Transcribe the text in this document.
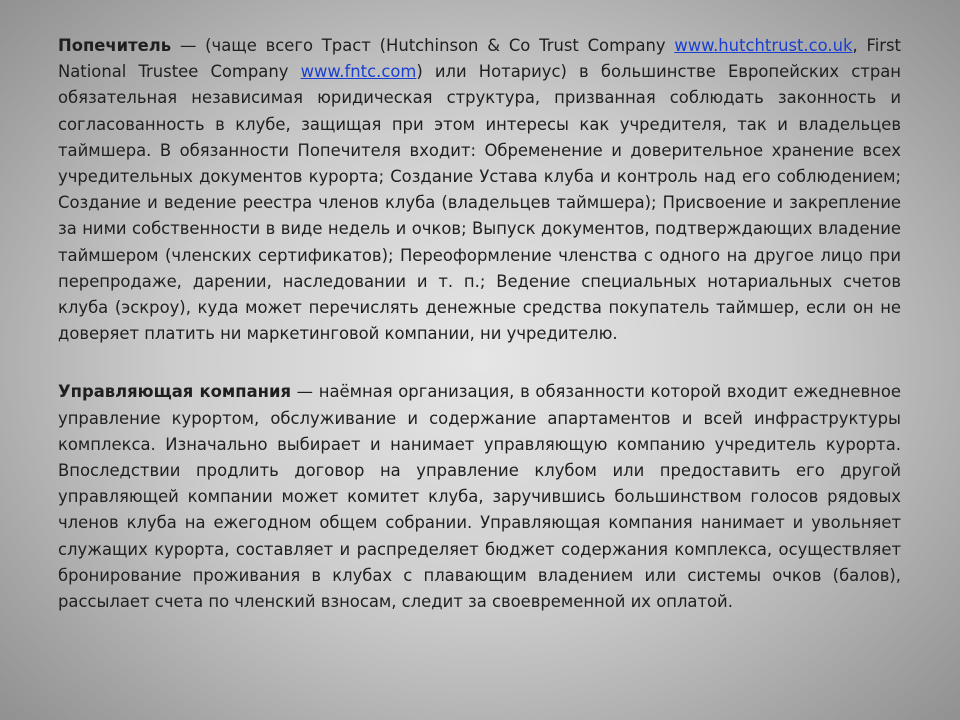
Попечитель — (чаще всего Траст (Hutchinson & Co Trust Company www.hutchtrust.co.uk, First National Trustee Company www.fntc.com) или Нотариус) в большинстве Европейских стран обязательная независимая юридическая структура, призванная соблюдать законность и согласованность в клубе, защищая при этом интересы как учредителя, так и владельцев таймшера. В обязанности Попечителя входит: Обременение и доверительное хранение всех учредительных документов курорта; Создание Устава клуба и контроль над его соблюдением; Создание и ведение реестра членов клуба (владельцев таймшера); Присвоение и закрепление за ними собственности в виде недель и очков; Выпуск документов, подтверждающих владение таймшером (членских сертификатов); Переоформление членства с одного на другое лицо при перепродаже, дарении, наследовании и т. п.; Ведение специальных нотариальных счетов клуба (эскроу), куда может перечислять денежные средства покупатель таймшер, если он не доверяет платить ни маркетинговой компании, ни учредителю.

Управляющая компания — наёмная организация, в обязанности которой входит ежедневное управление курортом, обслуживание и содержание апартаментов и всей инфраструктуры комплекса. Изначально выбирает и нанимает управляющую компанию учредитель курорта. Впоследствии продлить договор на управление клубом или предоставить его другой управляющей компании может комитет клуба, заручившись большинством голосов рядовых членов клуба на ежегодном общем собрании. Управляющая компания нанимает и увольняет служащих курорта, составляет и распределяет бюджет содержания комплекса, осуществляет бронирование проживания в клубах с плавающим владением или системы очков (балов), рассылает счета по членский взносам, следит за своевременной их оплатой.
